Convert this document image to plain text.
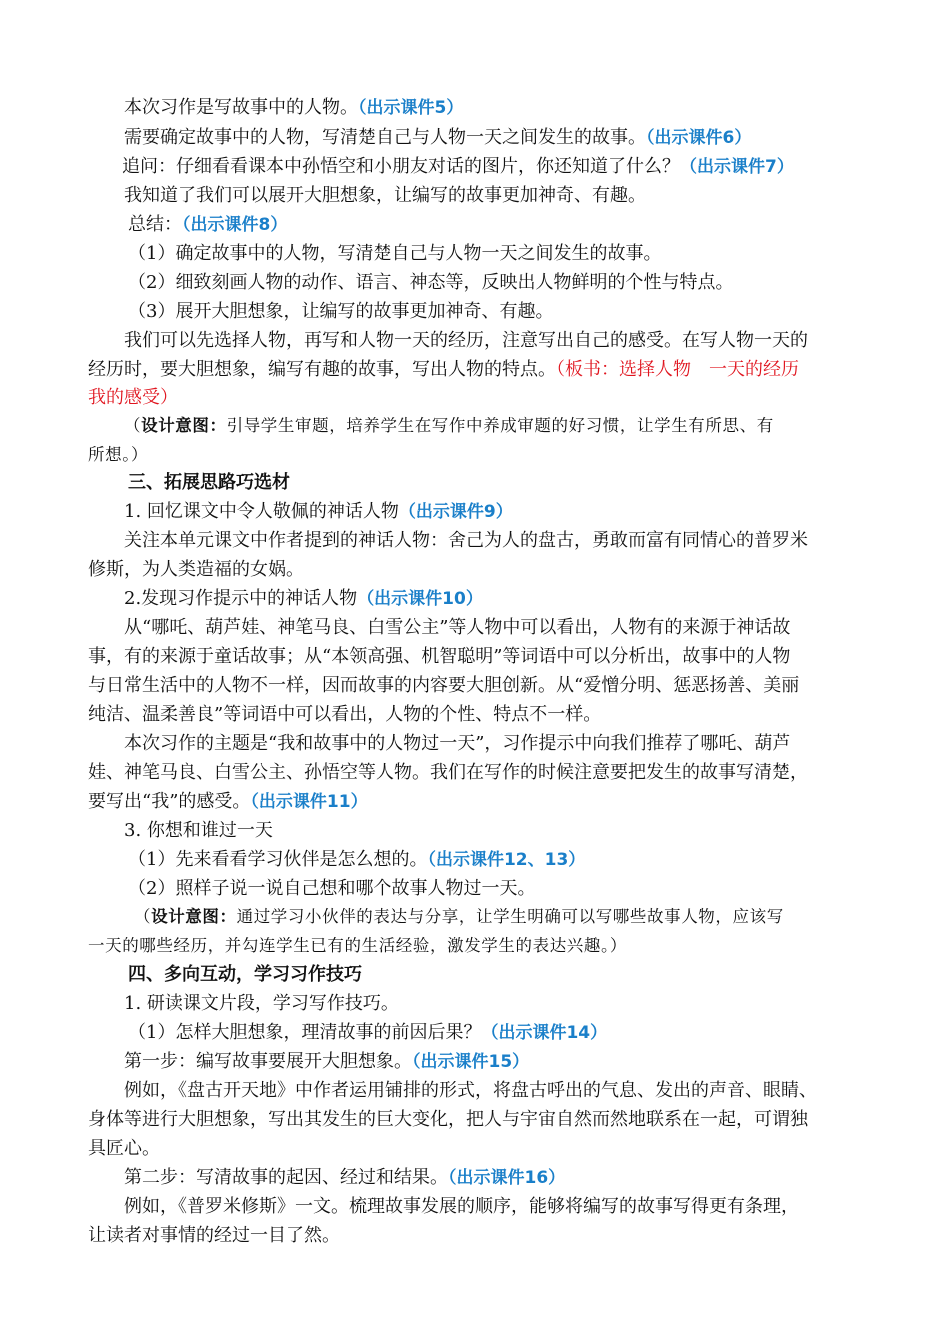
本次习作是写故事中的人物。（出示课件5）
需要确定故事中的人物，写清楚自己与人物一天之间发生的故事。（出示课件6）
追问：仔细看看课本中孙悟空和小朋友对话的图片，你还知道了什么？（出示课件7）
我知道了我们可以展开大胆想象，让编写的故事更加神奇、有趣。
总结：（出示课件8）
（1）确定故事中的人物，写清楚自己与人物一天之间发生的故事。
（2）细致刻画人物的动作、语言、神态等，反映出人物鲜明的个性与特点。
（3）展开大胆想象，让编写的故事更加神奇、有趣。
我们可以先选择人物，再写和人物一天的经历，注意写出自己的感受。在写人物一天的
经历时，要大胆想象，编写有趣的故事，写出人物的特点。（板书：选择人物　一天的经历
我的感受）
（设计意图：引导学生审题，培养学生在写作中养成审题的好习惯，让学生有所思、有
所想。）
三、拓展思路巧选材
1. 回忆课文中令人敬佩的神话人物（出示课件9）
关注本单元课文中作者提到的神话人物：舍己为人的盘古，勇敢而富有同情心的普罗米
修斯，为人类造福的女娲。
2.发现习作提示中的神话人物（出示课件10）
从“哪吒、葫芦娃、神笔马良、白雪公主”等人物中可以看出，人物有的来源于神话故
事，有的来源于童话故事；从“本领高强、机智聪明”等词语中可以分析出，故事中的人物
与日常生活中的人物不一样，因而故事的内容要大胆创新。从“爱憎分明、惩恶扬善、美丽
纯洁、温柔善良”等词语中可以看出，人物的个性、特点不一样。
本次习作的主题是“我和故事中的人物过一天”，习作提示中向我们推荐了哪吒、葫芦
娃、神笔马良、白雪公主、孙悟空等人物。我们在写作的时候注意要把发生的故事写清楚，
要写出“我”的感受。（出示课件11）
3. 你想和谁过一天
（1）先来看看学习伙伴是怎么想的。（出示课件12、13）
（2）照样子说一说自己想和哪个故事人物过一天。
（设计意图：通过学习小伙伴的表达与分享，让学生明确可以写哪些故事人物，应该写
一天的哪些经历，并勾连学生已有的生活经验，激发学生的表达兴趣。）
四、多向互动，学习习作技巧
1. 研读课文片段，学习写作技巧。
（1）怎样大胆想象，理清故事的前因后果？（出示课件14）
第一步：编写故事要展开大胆想象。（出示课件15）
例如，《盘古开天地》中作者运用铺排的形式，将盘古呼出的气息、发出的声音、眼睛、
身体等进行大胆想象，写出其发生的巨大变化，把人与宇宙自然而然地联系在一起，可谓独
具匠心。
第二步：写清故事的起因、经过和结果。（出示课件16）
例如，《普罗米修斯》一文。梳理故事发展的顺序，能够将编写的故事写得更有条理，
让读者对事情的经过一目了然。
